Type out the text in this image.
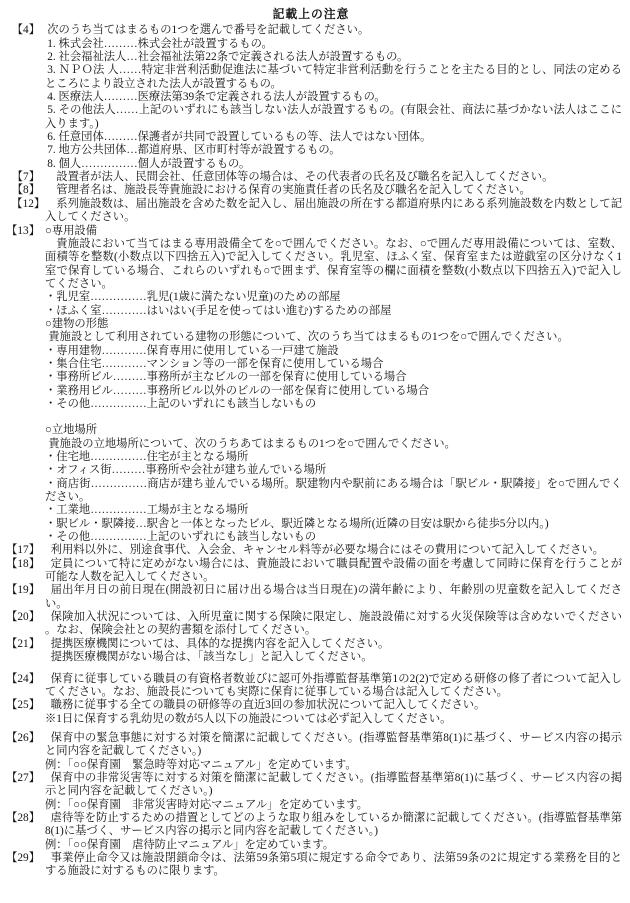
記載上の注意

【4】 次のうち当てはまるもの1つを選んで番号を記載してください。

1. 株式会社………株式会社が設置するもの。

2. 社会福祉法人…社会福祉法第22条で定義される法人が設置するもの。

3. ＮＰＯ法 人……特定非営利活動促進法に基づいて特定非営利活動を行うことを主たる目的とし、同法の定めるところにより設立された法人が設置するもの。

4. 医療法人………医療法第39条で定義される法人が設置するもの。

5. その他法人……上記のいずれにも該当しない法人が設置するもの。(有限会社、商法に基づかない法人はここに入ります。)

6. 任意団体………保護者が共同で設置しているもの等、法人ではない団体。

7. 地方公共団体…都道府県、区市町村等が設置するもの。

8. 個人……………個人が設置するもの。

【7】 設置者が法人、民間会社、任意団体等の場合は、その代表者の氏名及び職名を記入してください。

【8】 管理者名は、施設長等貴施設における保育の実施責任者の氏名及び職名を記入してください。

【12】 系列施設数は、届出施設を含めた数を記入し、届出施設の所在する都道府県内にある系列施設数を内数として記入してください。

【13】 ○専用設備

貴施設において当てはまる専用設備全てを○で囲んでください。なお、○で囲んだ専用設備については、室数、面積等を整数(小数点以下四捨五入)で記入してください。乳児室、ほふく室、保育室または遊戯室の区分けなく1室で保育している場合、これらのいずれも○で囲まず、保育室等の欄に面積を整数(小数点以下四捨五入)で記入してください。

・乳児室……………乳児(1歳に満たない児童)のための部屋

・ほふく室…………はいはい(手足を使ってはい進む)するための部屋

○建物の形態

貴施設として利用されている建物の形態について、次のうち当てはまるもの1つを○で囲んでください。

・専用建物…………保育専用に使用している一戸建て施設

・集合住宅…………マンション等の一部を保育に使用している場合

・事務所ビル………事務所が主なビルの一部を保育に使用している場合

・業務用ビル………事務所ビル以外のビルの一部を保育に使用している場合

・その他……………上記のいずれにも該当しないもの

○立地場所

貴施設の立地場所について、次のうちあてはまるもの1つを○で囲んでください。

・住宅地……………住宅が主となる場所

・オフィス街………事務所や会社が建ち並んでいる場所

・商店街……………商店が建ち並んでいる場所。駅建物内や駅前にある場合は「駅ビル・駅隣接」を○で囲んでください。

・工業地……………工場が主となる場所

・駅ビル・駅隣接…駅舎と一体となったビル、駅近隣となる場所(近隣の目安は駅から徒歩5分以内。)

・その他……………上記のいずれにも該当しないもの

【17】 利用料以外に、別途食事代、入会金、キャンセル料等が必要な場合にはその費用について記入してください。

【18】 定員について特に定めがない場合には、貴施設において職員配置や設備の面を考慮して同時に保育を行うことが可能な人数を記入してください。

【19】 届出年月日の前日現在(開設初日に届け出る場合は当日現在)の満年齢により、年齢別の児童数を記入してください。

【20】 保険加入状況については、入所児童に関する保険に限定し、施設設備に対する火災保険等は含めないでください。なお、保険会社との契約書類を添付してください。

【21】 提携医療機関については、具体的な提携内容を記入してください。

提携医療機関がない場合は、「該当なし」と記入してください。

【24】 保育に従事している職員の有資格者数並びに認可外指導監督基準第1の2(2)で定める研修の修了者について記入してください。なお、施設長についても実際に保育に従事している場合は記入してください。

【25】 職務に従事する全ての職員の研修等の直近3回の参加状況について記入してください。

※1日に保育する乳幼児の数が5人以下の施設については必ず記入してください。

【26】 保育中の緊急事態に対する対策を簡潔に記載してください。(指導監督基準第8(1)に基づく、サービス内容の掲示と同内容を記載してください。)

例：「○○保育園　緊急時等対応マニュアル」を定めています。

【27】 保育中の非常災害等に対する対策を簡潔に記載してください。(指導監督基準第8(1)に基づく、サービス内容の掲示と同内容を記載してください。)

例：「○○保育園　非常災害時対応マニュアル」を定めています。

【28】 虐待等を防止するための措置としてどのような取り組みをしているか簡潔に記載してください。(指導監督基準第8(1)に基づく、サービス内容の掲示と同内容を記載してください。)

例：「○○保育園　虐待防止マニュアル」を定めています。

【29】 事業停止命令又は施設閉鎖命令は、法第59条第5項に規定する命令であり、法第59条の2に規定する業務を目的とする施設に対するものに限ります。
